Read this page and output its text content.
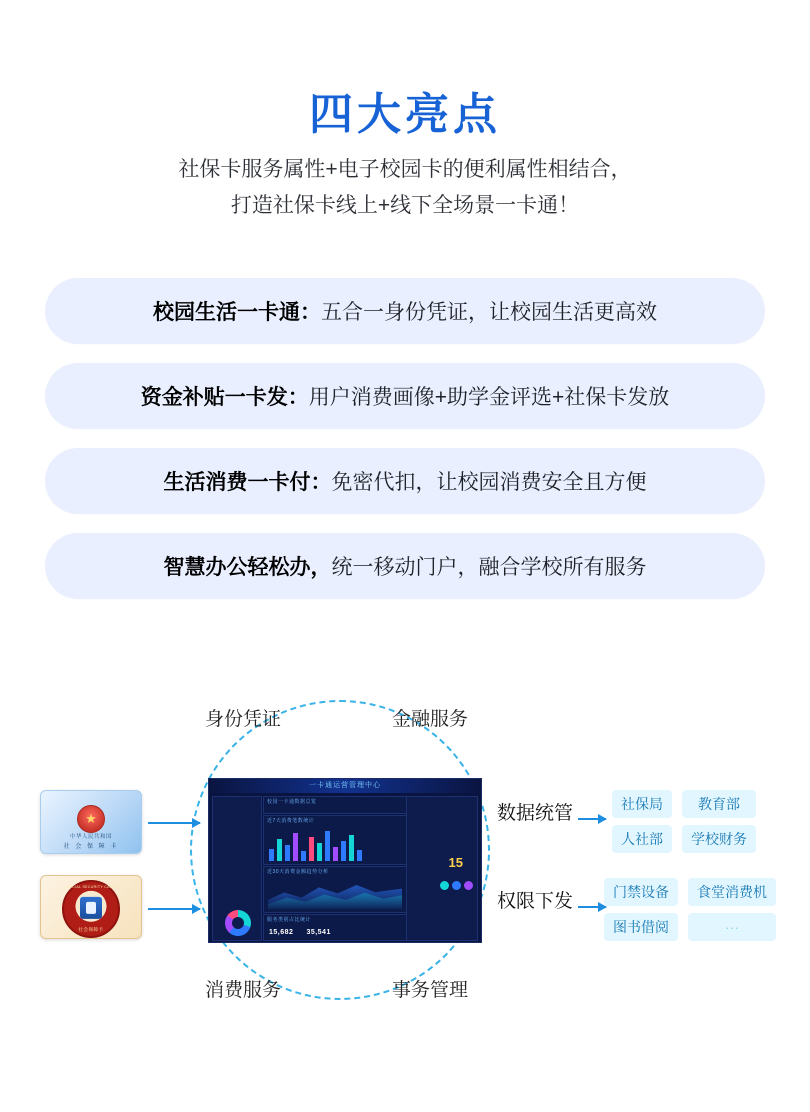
四大亮点
社保卡服务属性+电子校园卡的便利属性相结合，
打造社保卡线上+线下全场景一卡通！
校园生活一卡通： 五合一身份凭证，让校园生活更高效
资金补贴一卡发： 用户消费画像+助学金评选+社保卡发放
生活消费一卡付： 免密代扣，让校园消费安全且方便
智慧办公轻松办， 统一移动门户，融合学校所有服务
身份凭证	金融服务
消费服务	事务管理
★
中华人民共和国
社 会 保 障 卡
SOCIAL SECURITY CARD
社会保障卡
一卡通运营管理中心
校园一卡通数据总览
近7天消费笔数统计
近30天消费金额趋势分析
服务类别占比统计
15
15,682 35,541
数据统管
权限下发
社保局	教育部
人社部	学校财务
门禁设备	食堂消费机
图书借阅	···
